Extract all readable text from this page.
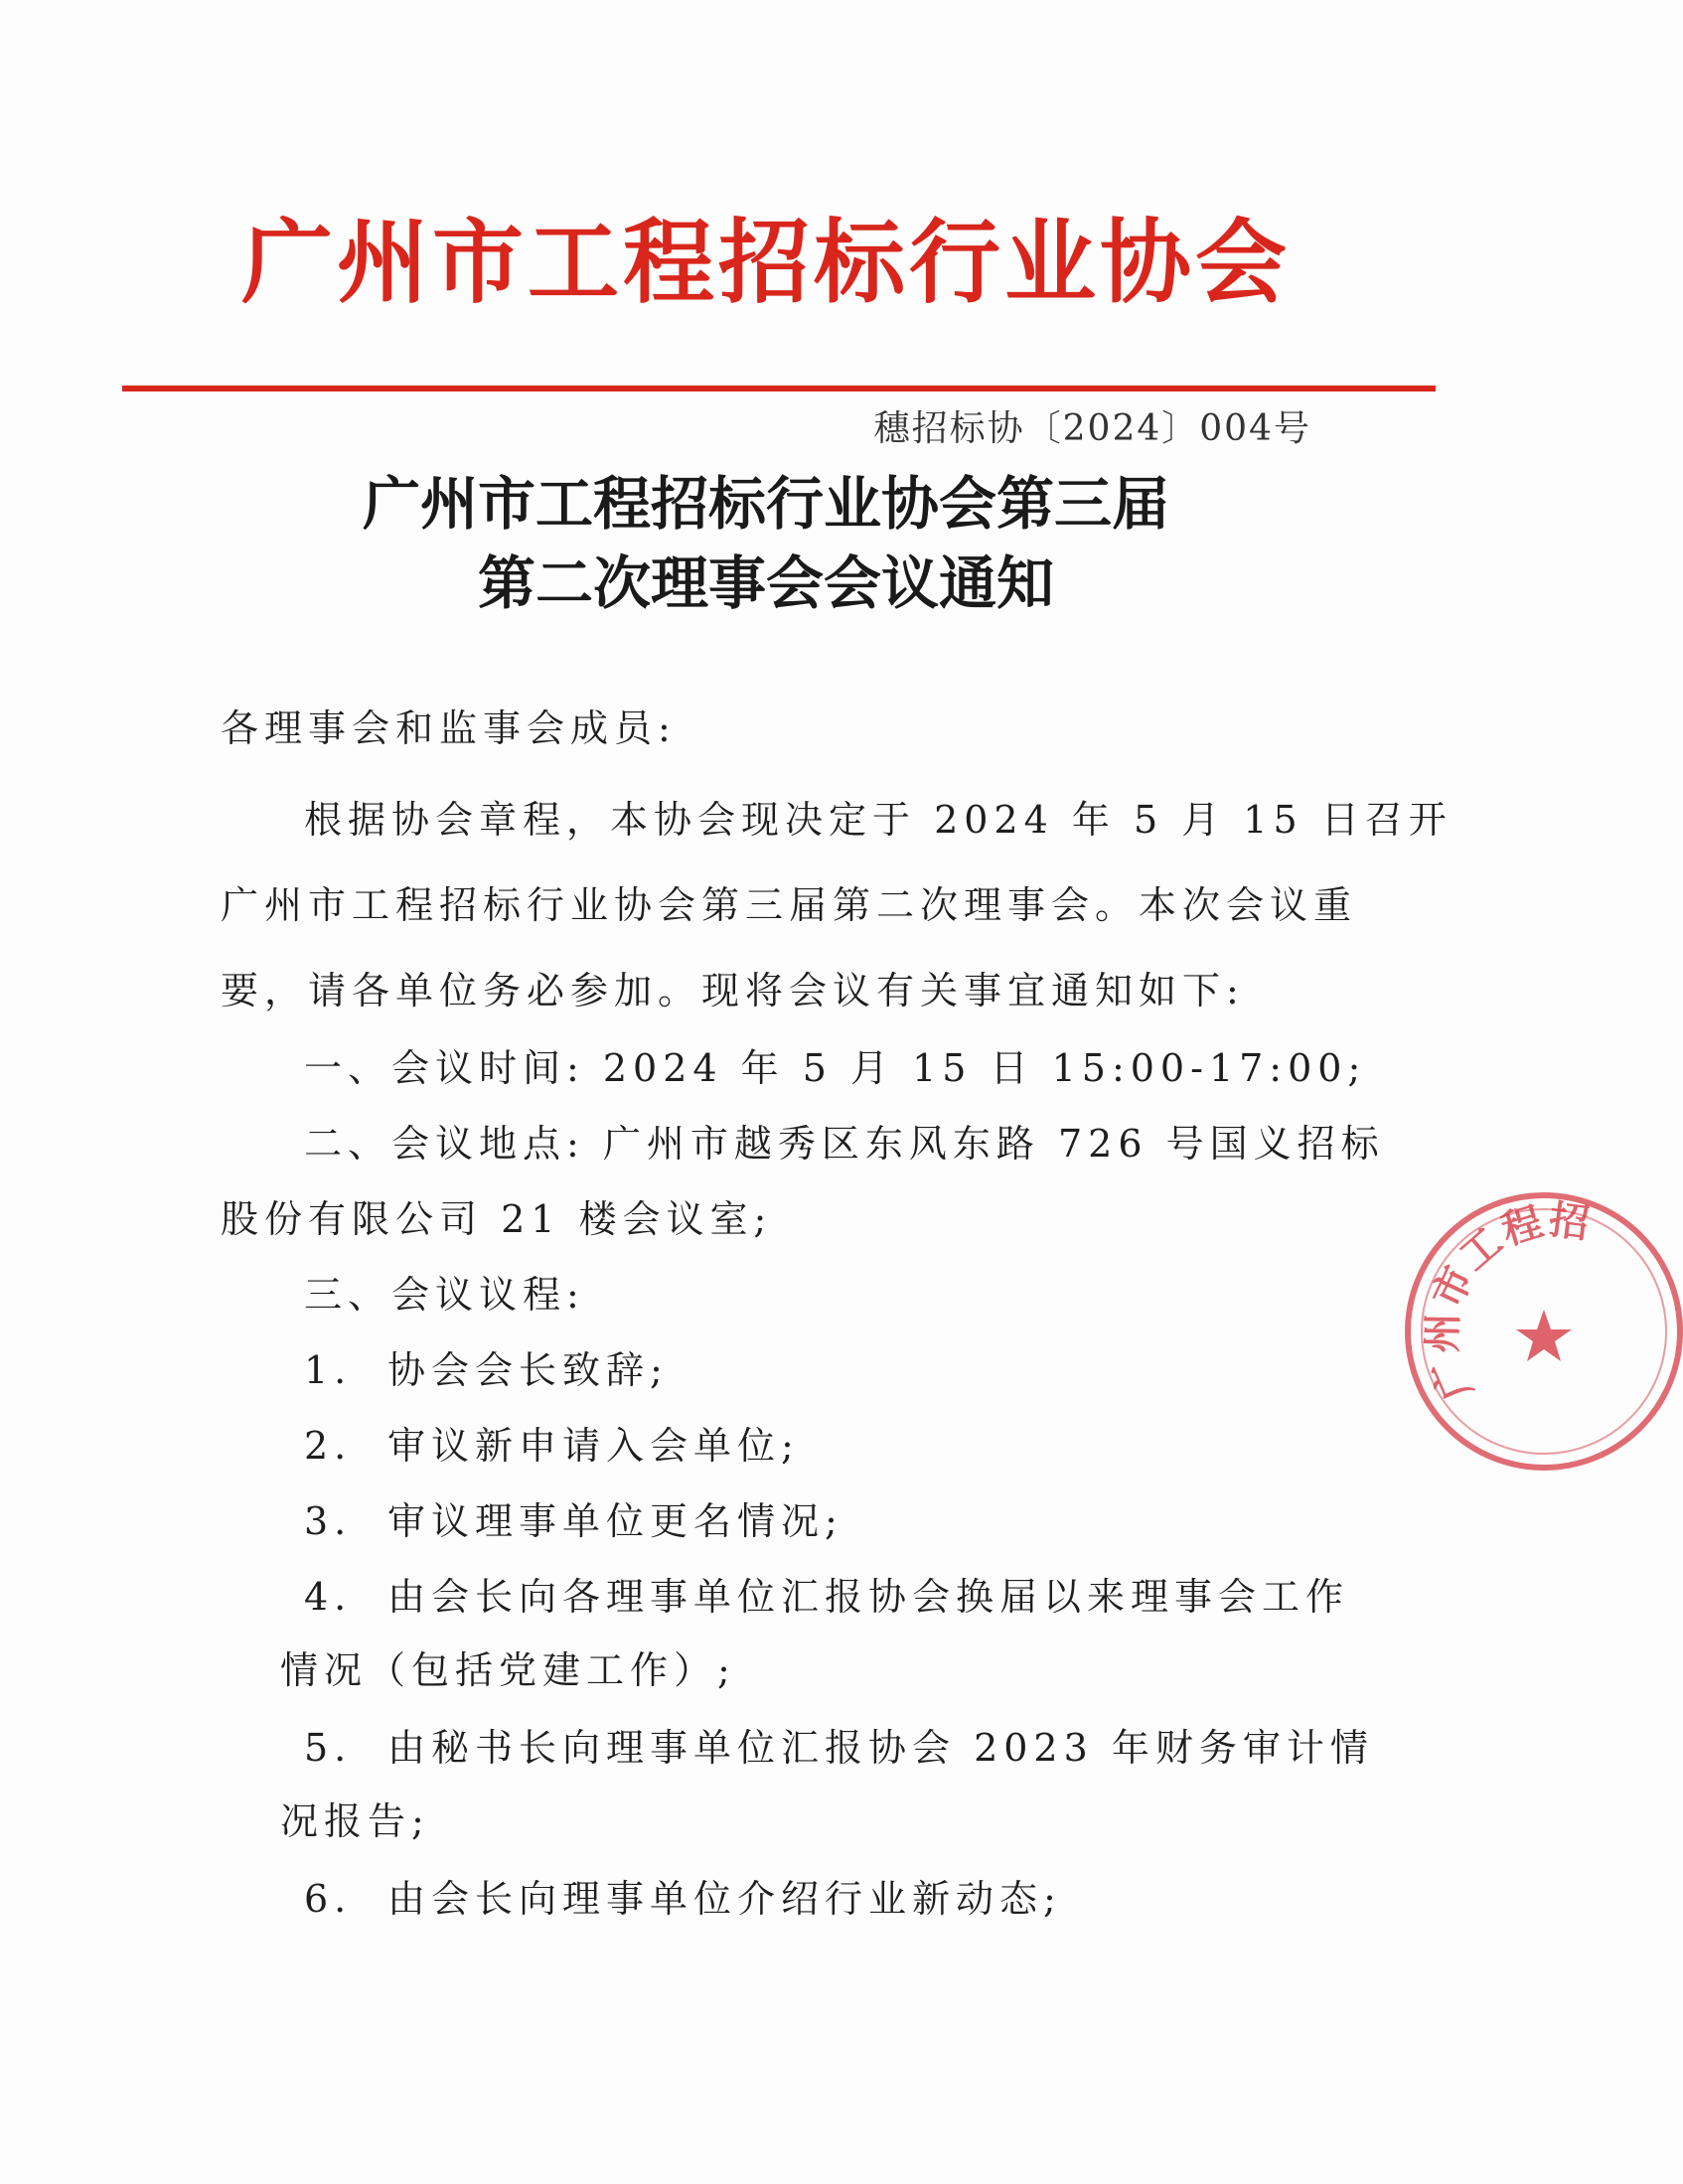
广州市工程招标行业协会
穗招标协〔2024〕004号
广州市工程招标行业协会第三届
第二次理事会会议通知
各理事会和监事会成员:
根据协会章程，本协会现决定于 2024 年 5 月 15 日召开
广州市工程招标行业协会第三届第二次理事会。本次会议重
要，请各单位务必参加。现将会议有关事宜通知如下:
一、会议时间: 2024 年 5 月 15 日 15:00-17:00;
二、会议地点: 广州市越秀区东风东路 726 号国义招标
股份有限公司 21 楼会议室;
三、会议议程:
1. 协会会长致辞;
2. 审议新申请入会单位;
3. 审议理事单位更名情况;
4. 由会长向各理事单位汇报协会换届以来理事会工作
情况（包括党建工作）;
5. 由秘书长向理事单位汇报协会 2023 年财务审计情
况报告;
6. 由会长向理事单位介绍行业新动态;
广州市工程招
